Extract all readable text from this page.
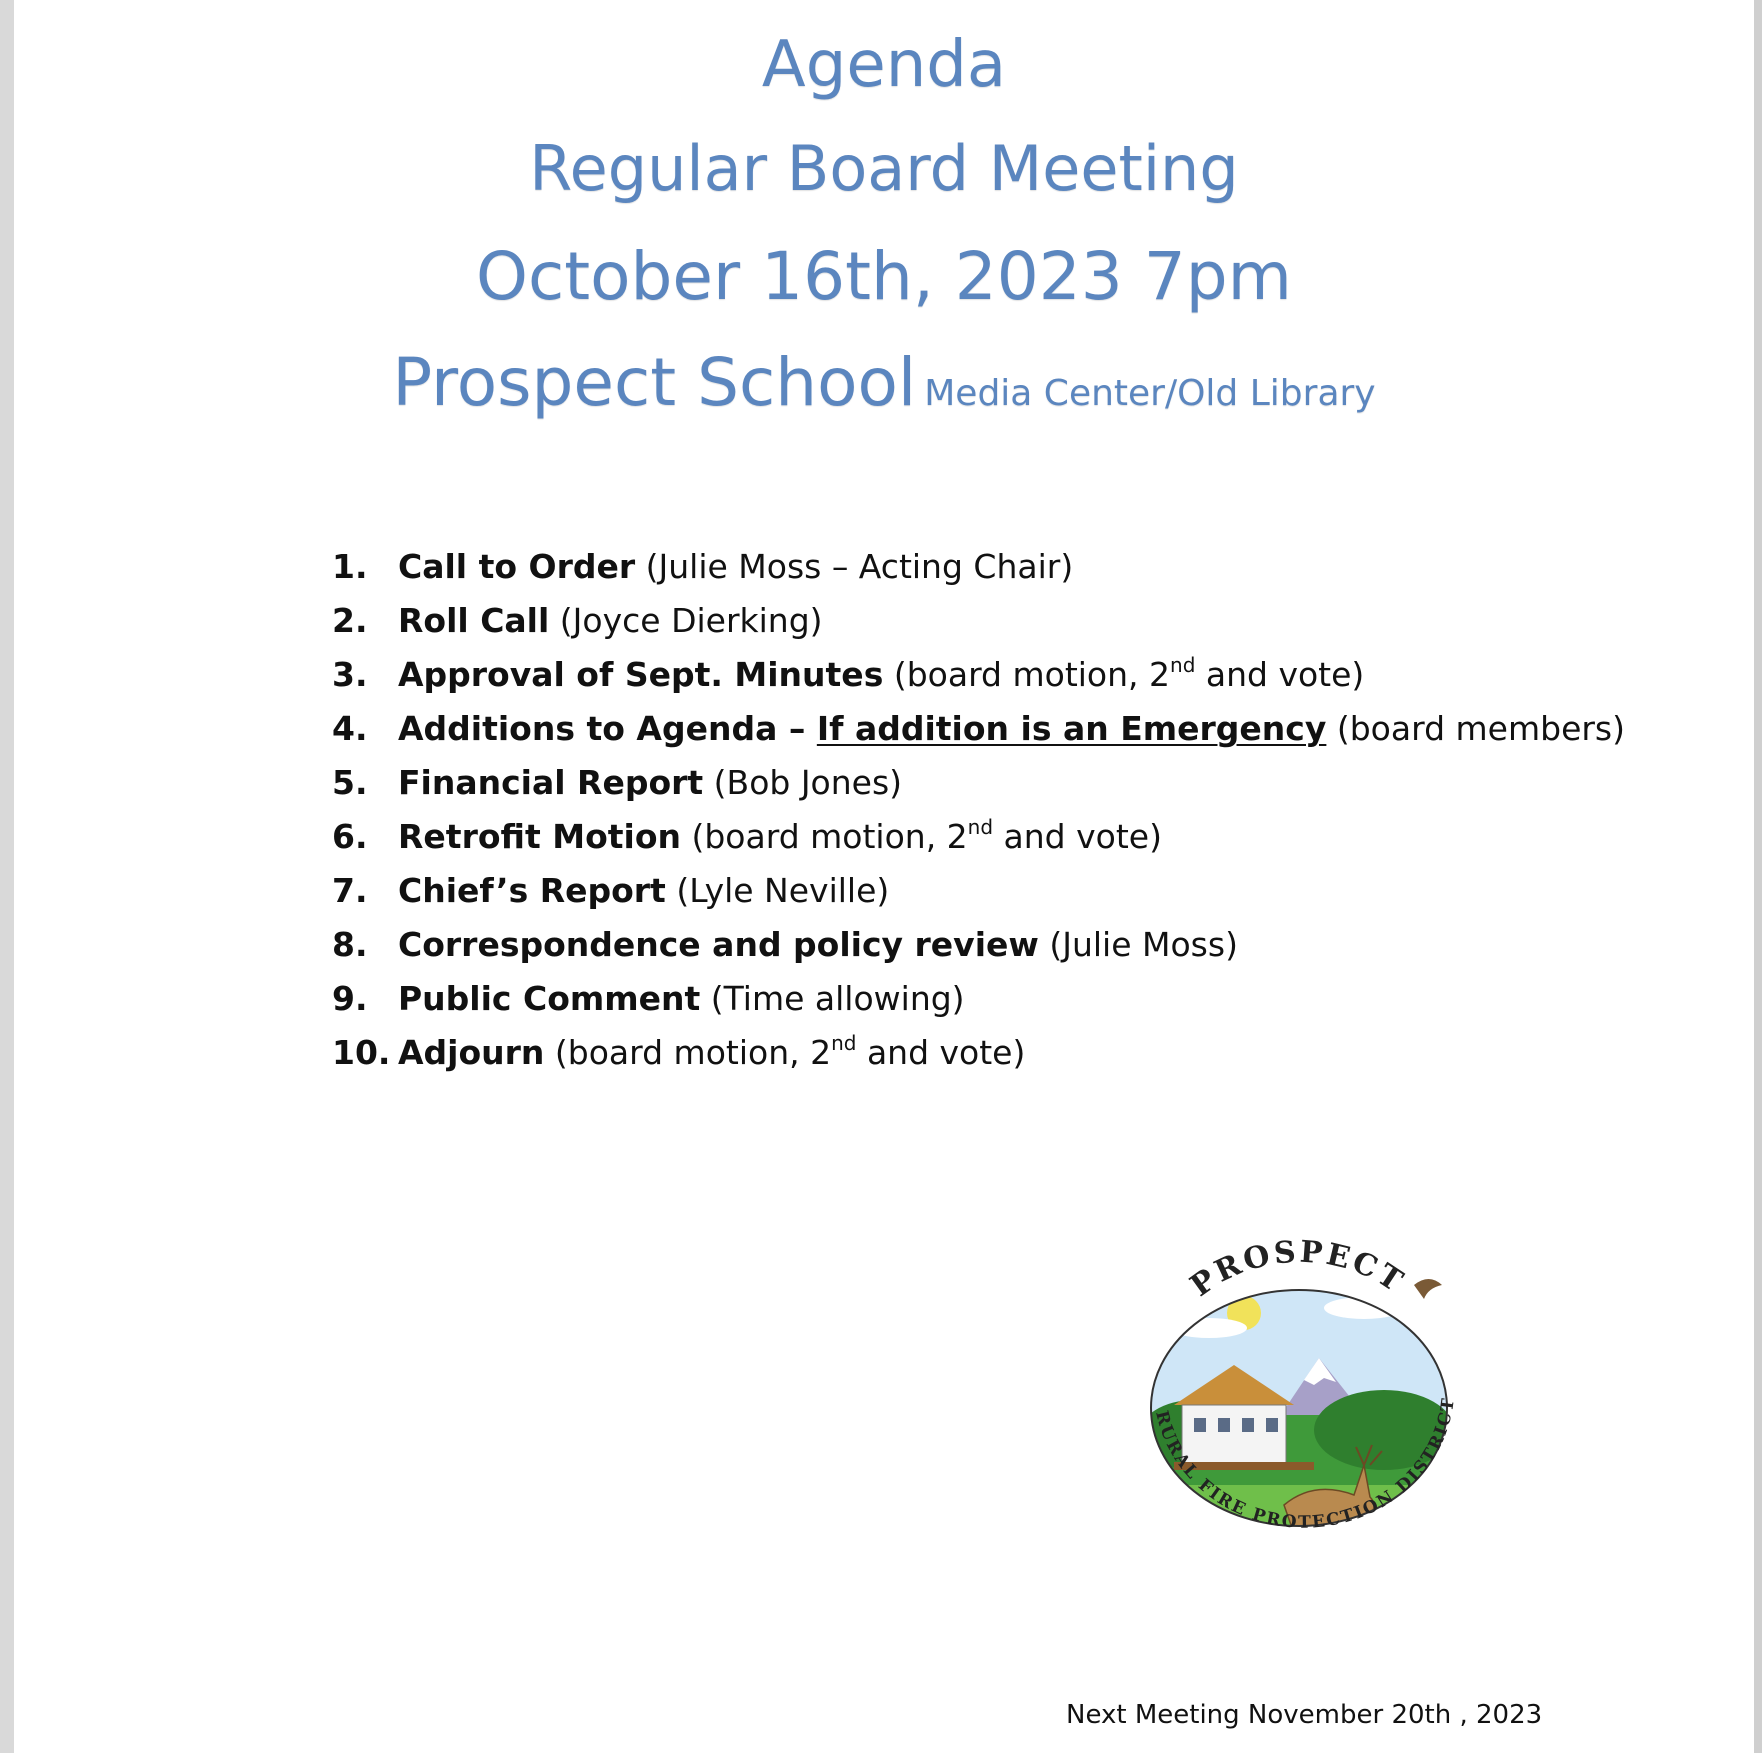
Agenda
Regular Board Meeting
October 16th, 2023 7pm
Prospect School Media Center/Old Library
1. Call to Order (Julie Moss – Acting Chair)
2. Roll Call (Joyce Dierking)
3. Approval of Sept. Minutes (board motion, 2nd and vote)
4. Additions to Agenda – If addition is an Emergency (board members)
5. Financial Report (Bob Jones)
6. Retrofit Motion (board motion, 2nd and vote)
7. Chief’s Report (Lyle Neville)
8. Correspondence and policy review (Julie Moss)
9. Public Comment (Time allowing)
10. Adjourn (board motion, 2nd and vote)
PROSPECT
RURAL FIRE PROTECTION DISTRICT
Next Meeting November 20th , 2023
